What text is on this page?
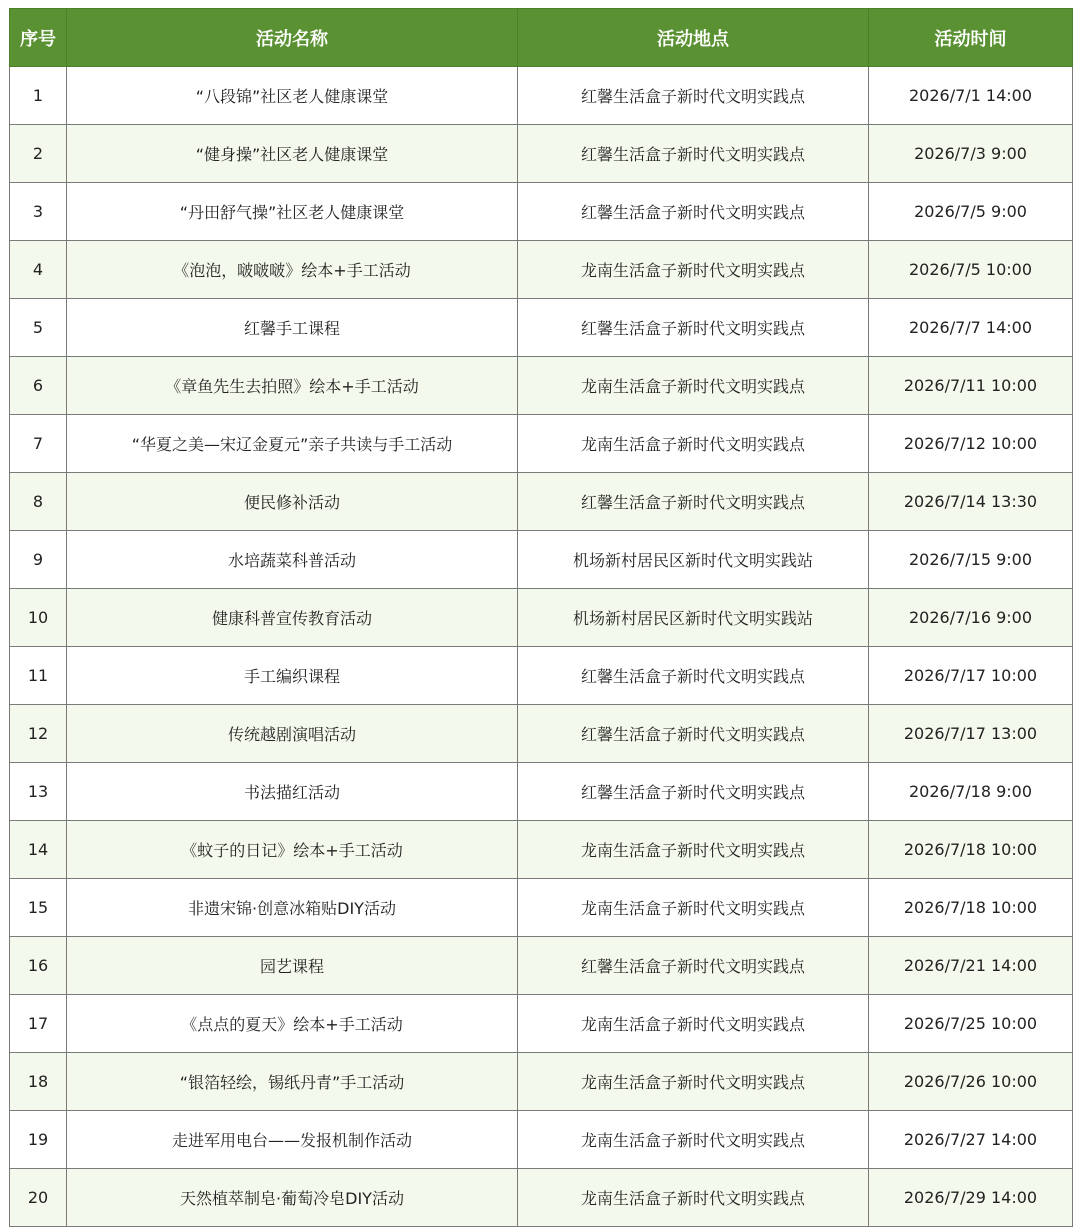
序号	活动名称	活动地点	活动时间
1	“八段锦”社区老人健康课堂	红馨生活盒子新时代文明实践点	2026/7/1 14:00
2	“健身操”社区老人健康课堂	红馨生活盒子新时代文明实践点	2026/7/3 9:00
3	“丹田舒气操”社区老人健康课堂	红馨生活盒子新时代文明实践点	2026/7/5 9:00
4	《泡泡，啵啵啵》绘本+手工活动	龙南生活盒子新时代文明实践点	2026/7/5 10:00
5	红馨手工课程	红馨生活盒子新时代文明实践点	2026/7/7 14:00
6	《章鱼先生去拍照》绘本+手工活动	龙南生活盒子新时代文明实践点	2026/7/11 10:00
7	“华夏之美—宋辽金夏元”亲子共读与手工活动	龙南生活盒子新时代文明实践点	2026/7/12 10:00
8	便民修补活动	红馨生活盒子新时代文明实践点	2026/7/14 13:30
9	水培蔬菜科普活动	机场新村居民区新时代文明实践站	2026/7/15 9:00
10	健康科普宣传教育活动	机场新村居民区新时代文明实践站	2026/7/16 9:00
11	手工编织课程	红馨生活盒子新时代文明实践点	2026/7/17 10:00
12	传统越剧演唱活动	红馨生活盒子新时代文明实践点	2026/7/17 13:00
13	书法描红活动	红馨生活盒子新时代文明实践点	2026/7/18 9:00
14	《蚊子的日记》绘本+手工活动	龙南生活盒子新时代文明实践点	2026/7/18 10:00
15	非遗宋锦·创意冰箱贴DIY活动	龙南生活盒子新时代文明实践点	2026/7/18 10:00
16	园艺课程	红馨生活盒子新时代文明实践点	2026/7/21 14:00
17	《点点的夏天》绘本+手工活动	龙南生活盒子新时代文明实践点	2026/7/25 10:00
18	“银箔轻绘，锡纸丹青”手工活动	龙南生活盒子新时代文明实践点	2026/7/26 10:00
19	走进军用电台——发报机制作活动	龙南生活盒子新时代文明实践点	2026/7/27 14:00
20	天然植萃制皂·葡萄冷皂DIY活动	龙南生活盒子新时代文明实践点	2026/7/29 14:00
